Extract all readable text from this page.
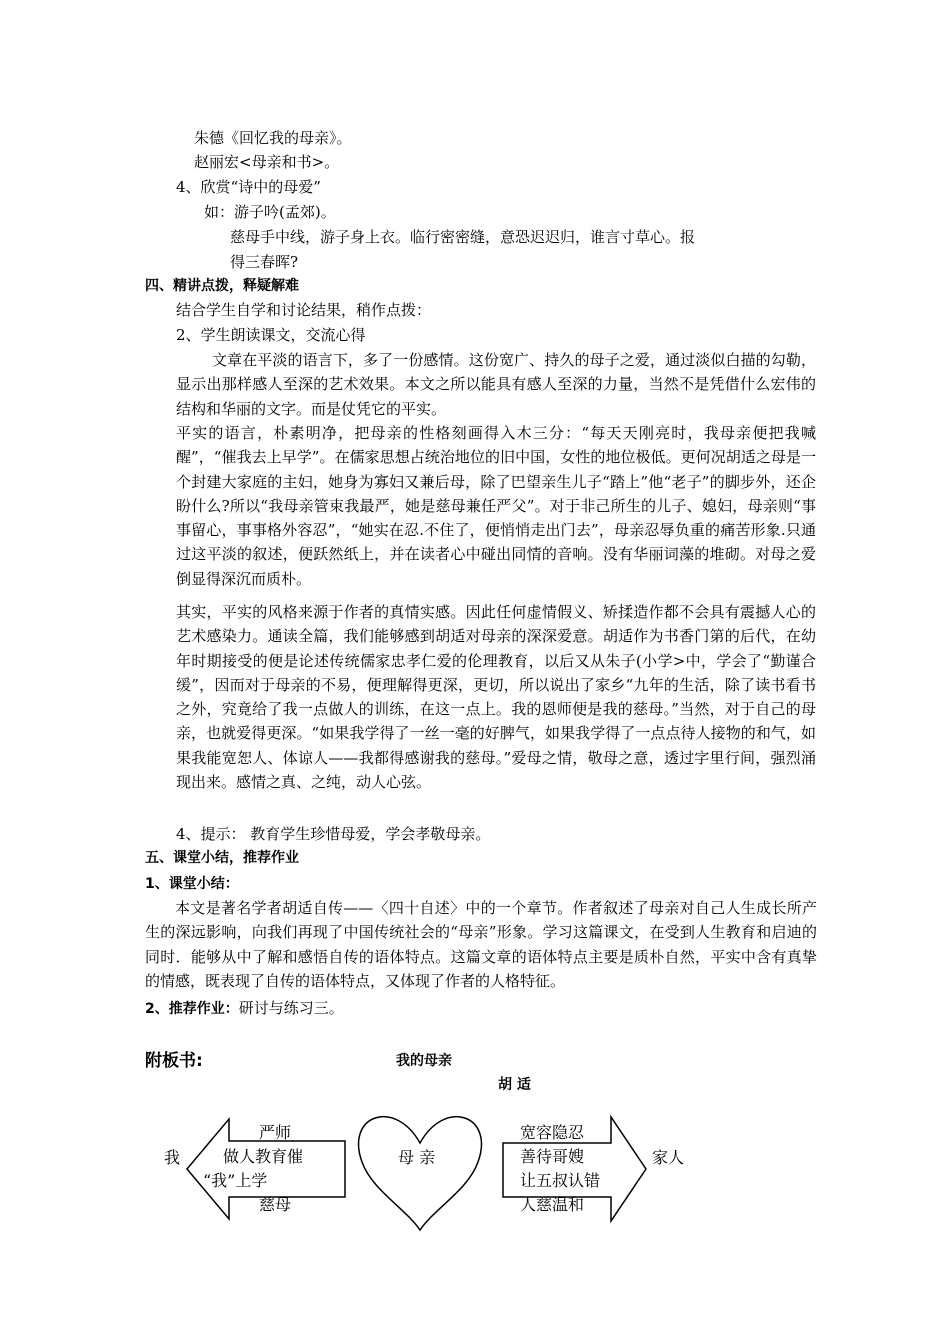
朱德《回忆我的母亲》。
赵丽宏<母亲和书>。
4、欣赏“诗中的母爱”
如：游子吟(孟郊)。
慈母手中线，游子身上衣。临行密密缝，意恐迟迟归，谁言寸草心。报
得三春晖?
四、精讲点拨，释疑解难
结合学生自学和讨论结果，稍作点拨：
2、学生朗读课文，交流心得
文章在平淡的语言下，多了一份感情。这份宽广、持久的母子之爱，通过淡似白描的勾勒，显示出那样感人至深的艺术效果。本文之所以能具有感人至深的力量，当然不是凭借什么宏伟的结构和华丽的文字。而是仗凭它的平实。
平实的语言，朴素明净，把母亲的性格刻画得入木三分：“每天天刚亮时，我母亲便把我喊醒”，“催我去上早学”。在儒家思想占统治地位的旧中国，女性的地位极低。更何况胡适之母是一个封建大家庭的主妇，她身为寡妇又兼后母，除了巴望亲生儿子“踏上”他“老子”的脚步外，还企盼什么?所以“我母亲管束我最严，她是慈母兼任严父”。对于非己所生的儿子、媳妇，母亲则“事事留心，事事格外容忍”，“她实在忍.不住了，便悄悄走出门去”，母亲忍辱负重的痛苦形象.只通过这平淡的叙述，便跃然纸上，并在读者心中碰出同情的音响。没有华丽词藻的堆砌。对母之爱倒显得深沉而质朴。
其实，平实的风格来源于作者的真情实感。因此任何虚情假义、矫揉造作都不会具有震撼人心的艺术感染力。通读全篇，我们能够感到胡适对母亲的深深爱意。胡适作为书香门第的后代，在幼年时期接受的便是论述传统儒家忠孝仁爱的伦理教育，以后又从朱子(小学>中，学会了“勤谨合缓”，因而对于母亲的不易，便理解得更深，更切，所以说出了家乡“九年的生活，除了读书看书之外，究竟给了我一点做人的训练，在这一点上。我的恩师便是我的慈母。”当然，对于自己的母亲，也就爱得更深。“如果我学得了一丝一毫的好脾气，如果我学得了一点点待人接物的和气，如果我能宽恕人、体谅人——我都得感谢我的慈母。”爱母之情，敬母之意，透过字里行间，强烈涌现出来。感情之真、之纯，动人心弦。
4、提示： 教育学生珍惜母爱，学会孝敬母亲。
五、课堂小结，推荐作业
1、课堂小结：
本文是著名学者胡适自传——〈四十自述〉中的一个章节。作者叙述了母亲对自己人生成长所产生的深远影响，向我们再现了中国传统社会的“母亲”形象。学习这篇课文，在受到人生教育和启迪的同时．能够从中了解和感悟自传的语体特点。这篇文章的语体特点主要是质朴自然，平实中含有真挚的情感，既表现了自传的语体特点，又体现了作者的人格特征。
2、推荐作业：研讨与练习三。
附板书:	我的母亲
胡 适
我
严师
做人教育催
“我”上学
慈母
母 亲
宽容隐忍
善待哥嫂
让五叔认错
人慈温和
家人
